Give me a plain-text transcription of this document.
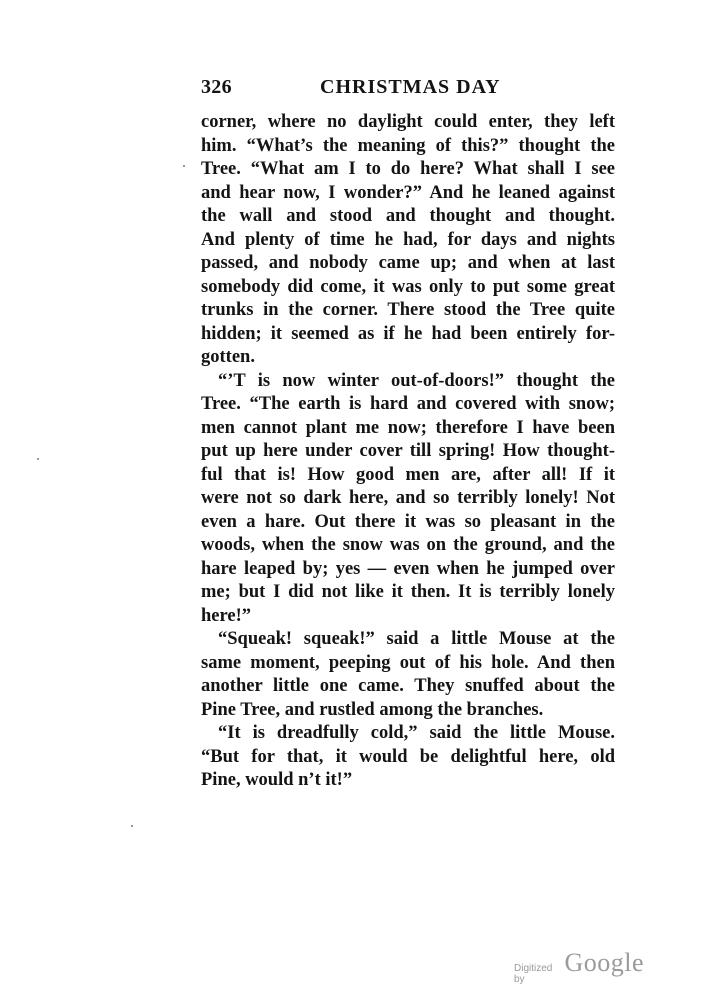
326	CHRISTMAS DAY
corner, where no daylight could enter, they left
him. “What’s the meaning of this?” thought the
Tree. “What am I to do here? What shall I see
and hear now, I wonder?” And he leaned against
the wall and stood and thought and thought.
And plenty of time he had, for days and nights
passed, and nobody came up; and when at last
somebody did come, it was only to put some great
trunks in the corner. There stood the Tree quite
hidden; it seemed as if he had been entirely for-
gotten.
“’T is now winter out-of-doors!” thought the
Tree. “The earth is hard and covered with snow;
men cannot plant me now; therefore I have been
put up here under cover till spring! How thought-
ful that is! How good men are, after all! If it
were not so dark here, and so terribly lonely! Not
even a hare. Out there it was so pleasant in the
woods, when the snow was on the ground, and the
hare leaped by; yes — even when he jumped over
me; but I did not like it then. It is terribly lonely
here!”
“Squeak! squeak!” said a little Mouse at the
same moment, peeping out of his hole. And then
another little one came. They snuffed about the
Pine Tree, and rustled among the branches.
“It is dreadfully cold,” said the little Mouse.
“But for that, it would be delightful here, old
Pine, would n’t it!”
Digitized by
Google
